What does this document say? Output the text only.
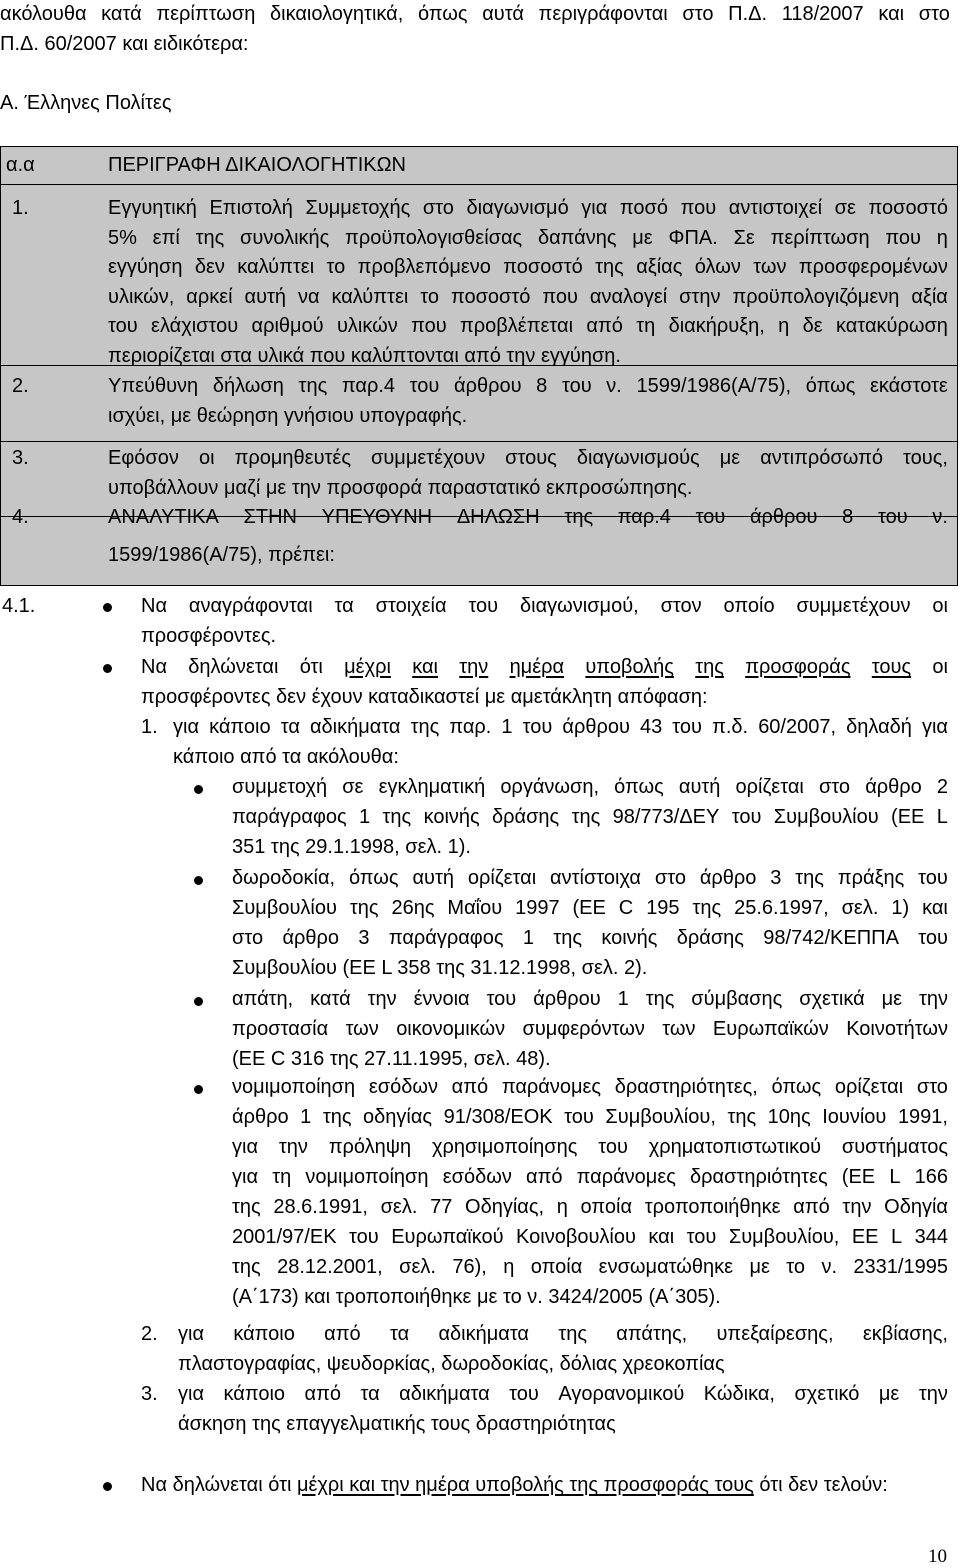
ακόλουθα κατά περίπτωση δικαιολογητικά, όπως αυτά περιγράφονται στο Π.Δ. 118/2007 και στο
Π.Δ. 60/2007 και ειδικότερα:
Α. Έλληνες Πολίτες
α.α	ΠΕΡΙΓΡΑΦΗ ΔΙΚΑΙΟΛΟΓΗΤΙΚΩΝ
1.	Εγγυητική Επιστολή Συμμετοχής στο διαγωνισμό για ποσό που αντιστοιχεί σε ποσοστό
5% επί της συνολικής προϋπολογισθείσας δαπάνης με ΦΠΑ. Σε περίπτωση που η
εγγύηση δεν καλύπτει το προβλεπόμενο ποσοστό της αξίας όλων των προσφερομένων
υλικών, αρκεί αυτή να καλύπτει το ποσοστό που αναλογεί στην προϋπολογιζόμενη αξία
του ελάχιστου αριθμού υλικών που προβλέπεται από τη διακήρυξη, η δε κατακύρωση
περιορίζεται στα υλικά που καλύπτονται από την εγγύηση.
2.	Υπεύθυνη δήλωση της παρ.4 του άρθρου 8 του ν. 1599/1986(Α/75), όπως εκάστοτε
ισχύει, με θεώρηση γνήσιου υπογραφής.
3.	Εφόσον οι προμηθευτές συμμετέχουν στους διαγωνισμούς με αντιπρόσωπό τους,
υποβάλλουν μαζί με την προσφορά παραστατικό εκπροσώπησης.
4.	ΑΝΑΛΥΤΙΚΑ ΣΤΗΝ ΥΠΕΥΘΥΝΗ ΔΗΛΩΣΗ της παρ.4 του άρθρου 8 του ν.
1599/1986(Α/75), πρέπει:
4.1.	Να αναγράφονται τα στοιχεία του διαγωνισμού, στον οποίο συμμετέχουν οι
προσφέροντες.
Να δηλώνεται ότι μέχρι και την ημέρα υποβολής της προσφοράς τους οι
προσφέροντες δεν έχουν καταδικαστεί με αμετάκλητη απόφαση:
1. για κάποιο τα αδικήματα της παρ. 1 του άρθρου 43 του π.δ. 60/2007, δηλαδή για
κάποιο από τα ακόλουθα:
συμμετοχή σε εγκληματική οργάνωση, όπως αυτή ορίζεται στο άρθρο 2
παράγραφος 1 της κοινής δράσης της 98/773/ΔΕΥ του Συμβουλίου (ΕΕ L
351 της 29.1.1998, σελ. 1).
δωροδοκία, όπως αυτή ορίζεται αντίστοιχα στο άρθρο 3 της πράξης του
Συμβουλίου της 26ης Μαΐου 1997 (ΕΕ C 195 της 25.6.1997, σελ. 1) και
στο άρθρο 3 παράγραφος 1 της κοινής δράσης 98/742/ΚΕΠΠΑ του
Συμβουλίου (ΕΕ L 358 της 31.12.1998, σελ. 2).
απάτη, κατά την έννοια του άρθρου 1 της σύμβασης σχετικά με την
προστασία των οικονομικών συμφερόντων των Ευρωπαϊκών Κοινοτήτων
(ΕΕ C 316 της 27.11.1995, σελ. 48).
νομιμοποίηση εσόδων από παράνομες δραστηριότητες, όπως ορίζεται στο
άρθρο 1 της οδηγίας 91/308/ΕΟΚ του Συμβουλίου, της 10ης Ιουνίου 1991,
για την πρόληψη χρησιμοποίησης του χρηματοπιστωτικού συστήματος
για τη νομιμοποίηση εσόδων από παράνομες δραστηριότητες (ΕΕ L 166
της 28.6.1991, σελ. 77 Οδηγίας, η οποία τροποποιήθηκε από την Οδηγία
2001/97/ΕΚ του Ευρωπαϊκού Κοινοβουλίου και του Συμβουλίου, ΕΕ L 344
της 28.12.2001, σελ. 76), η οποία ενσωματώθηκε με το ν. 2331/1995
(Α΄173) και τροποποιήθηκε με το ν. 3424/2005 (Α΄305).
2. για κάποιο από τα αδικήματα της απάτης, υπεξαίρεσης, εκβίασης,
πλαστογραφίας, ψευδορκίας, δωροδοκίας, δόλιας χρεοκοπίας
3. για κάποιο από τα αδικήματα του Αγορανομικού Κώδικα, σχετικό με την
άσκηση της επαγγελματικής τους δραστηριότητας
Να δηλώνεται ότι μέχρι και την ημέρα υποβολής της προσφοράς τους ότι δεν τελούν:
10
